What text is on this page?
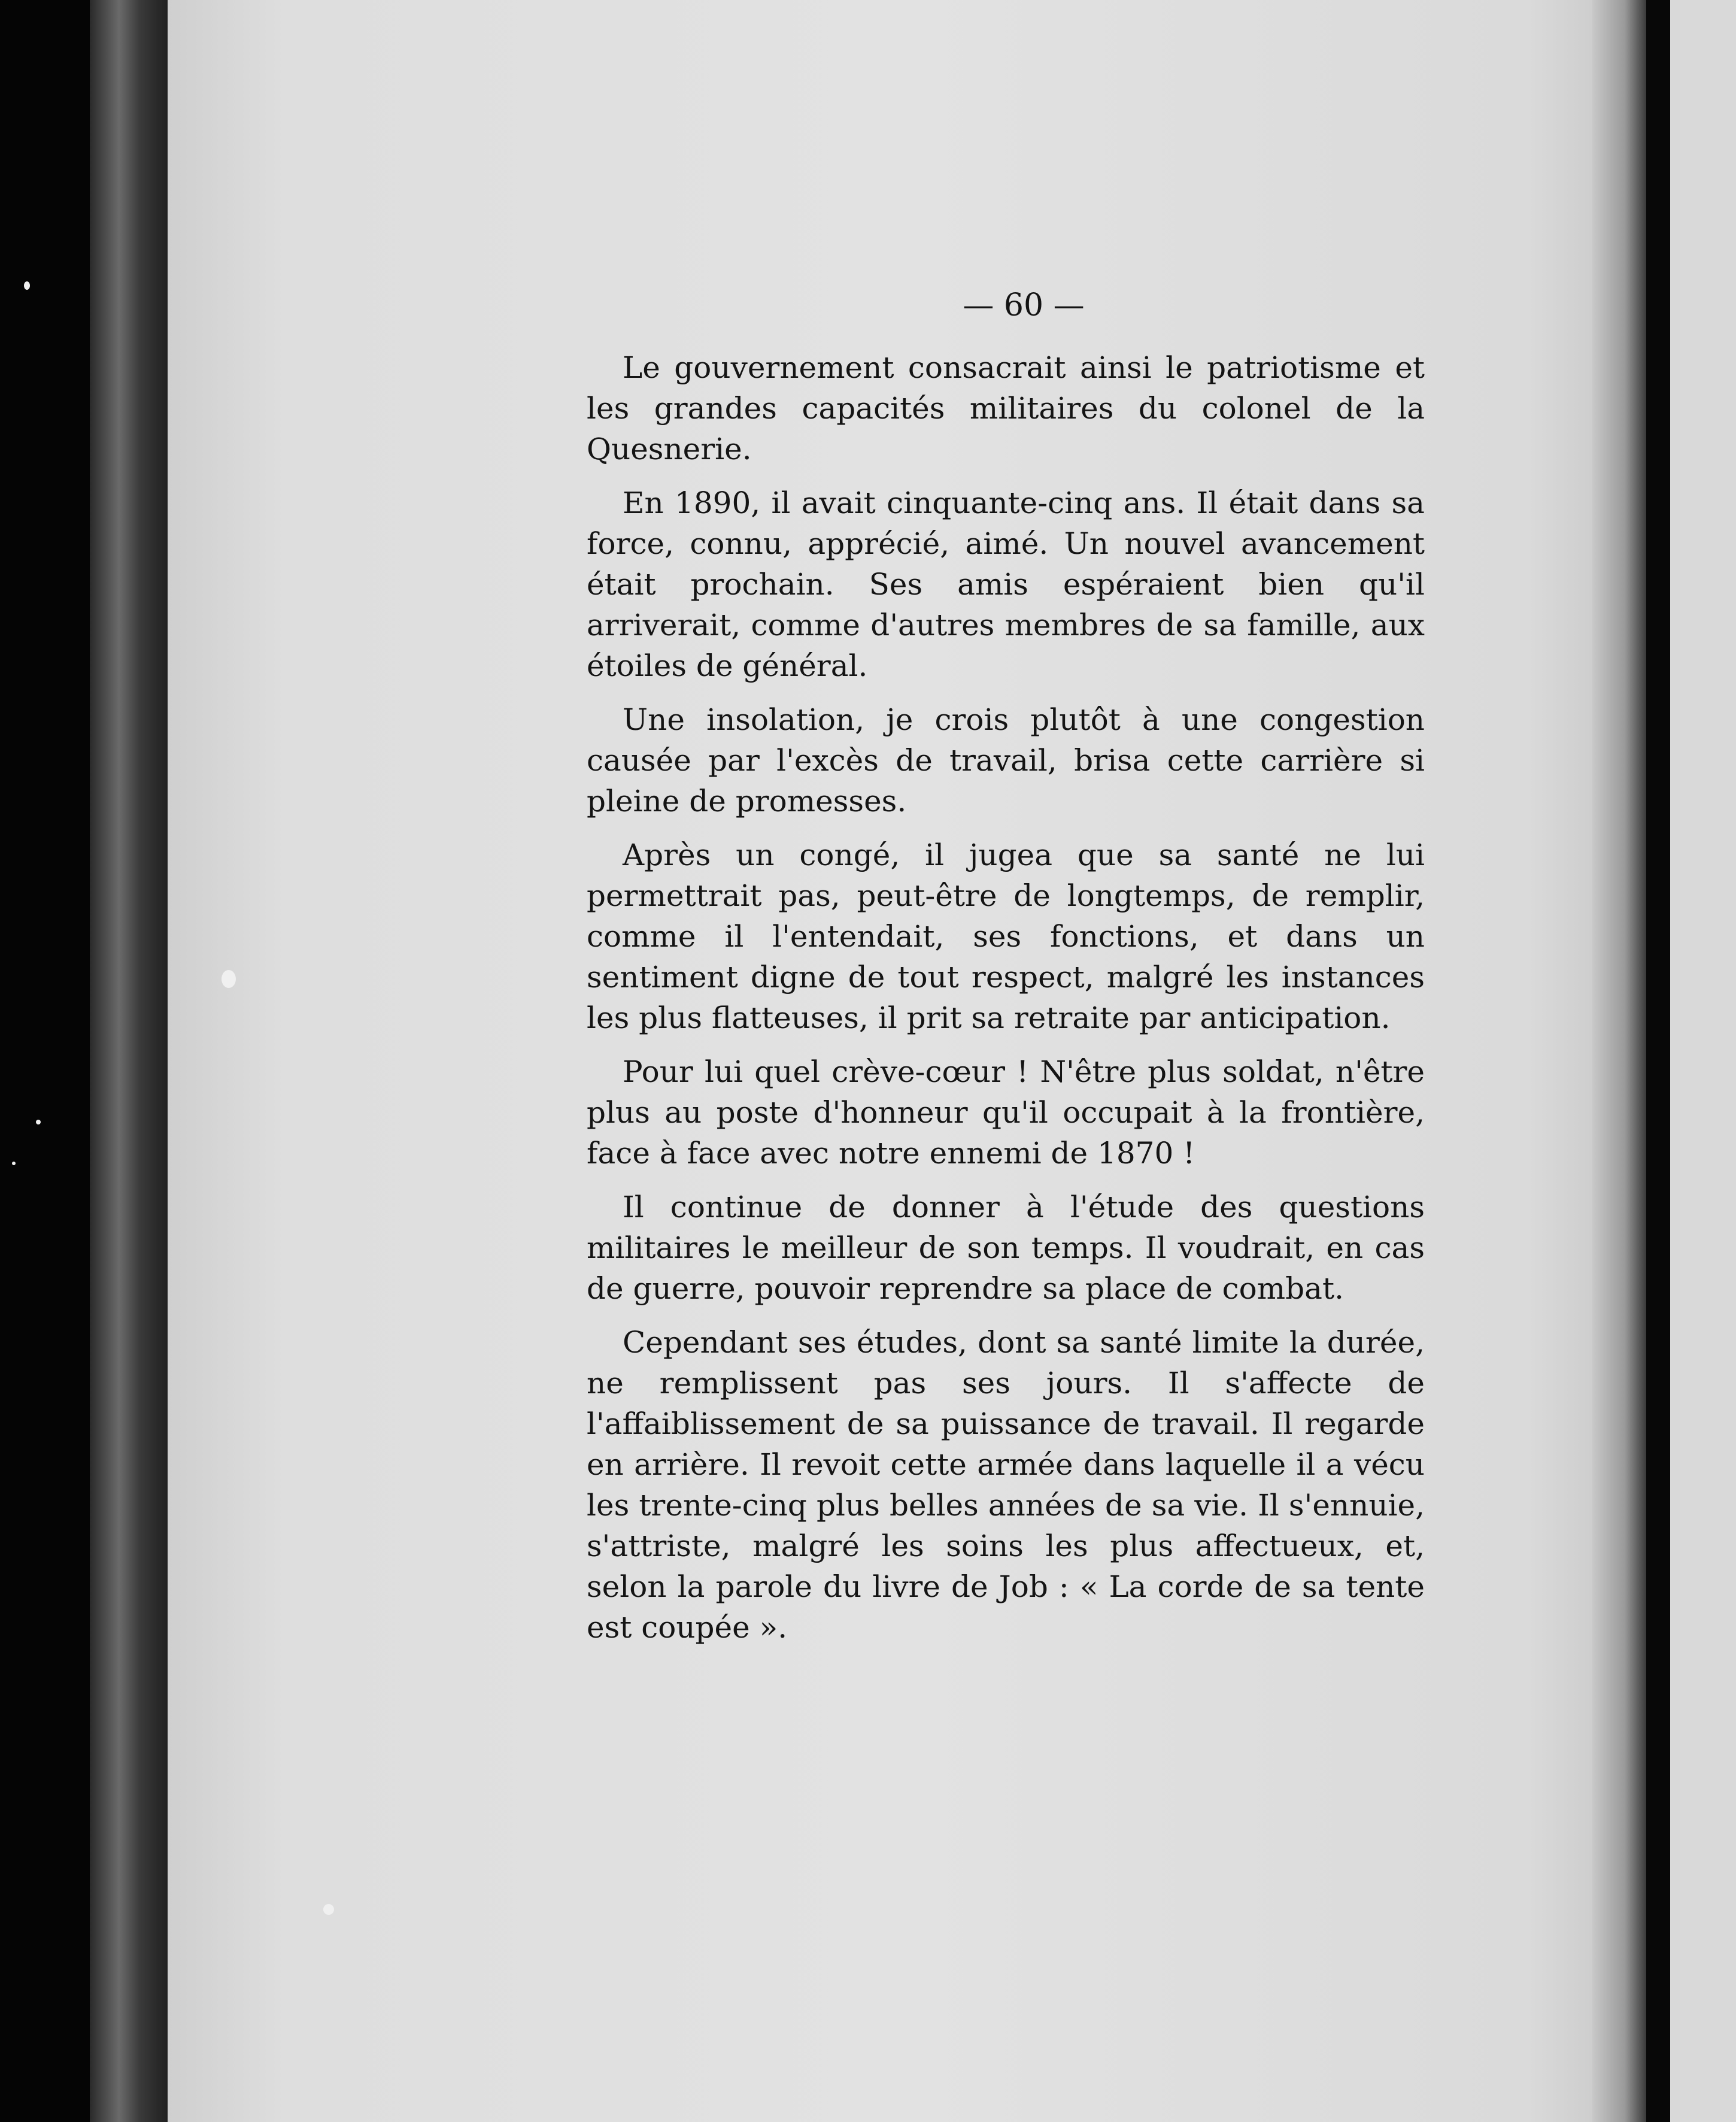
— 60 —

Le gouvernement consacrait ainsi le patriotisme et les grandes capacités militaires du colonel de la Quesnerie.

En 1890, il avait cinquante-cinq ans. Il était dans sa force, connu, apprécié, aimé. Un nouvel avancement était prochain. Ses amis espéraient bien qu'il arriverait, comme d'autres membres de sa famille, aux étoiles de général.

Une insolation, je crois plutôt à une congestion causée par l'excès de travail, brisa cette carrière si pleine de promesses.

Après un congé, il jugea que sa santé ne lui permettrait pas, peut-être de longtemps, de remplir, comme il l'entendait, ses fonctions, et dans un sentiment digne de tout respect, malgré les instances les plus flatteuses, il prit sa retraite par anticipation.

Pour lui quel crève-cœur ! N'être plus soldat, n'être plus au poste d'honneur qu'il occupait à la frontière, face à face avec notre ennemi de 1870 !

Il continue de donner à l'étude des questions militaires le meilleur de son temps. Il voudrait, en cas de guerre, pouvoir reprendre sa place de combat.

Cependant ses études, dont sa santé limite la durée, ne remplissent pas ses jours. Il s'affecte de l'affaiblissement de sa puissance de travail. Il regarde en arrière. Il revoit cette armée dans laquelle il a vécu les trente-cinq plus belles années de sa vie. Il s'ennuie, s'attriste, malgré les soins les plus affectueux, et, selon la parole du livre de Job : « La corde de sa tente est coupée ».
